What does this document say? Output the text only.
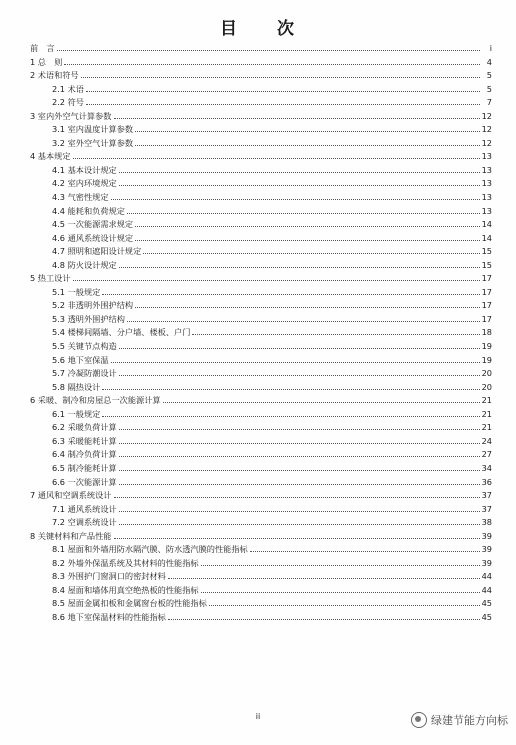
目　　次
前　言	i
1 总　则	4
2 术语和符号	5
2.1 术语	5
2.2 符号	7
3 室内外空气计算参数	12
3.1 室内温度计算参数	12
3.2 室外空气计算参数	12
4 基本规定	13
4.1 基本设计规定	13
4.2 室内环境规定	13
4.3 气密性规定	13
4.4 能耗和负荷规定	13
4.5 一次能源需求规定	14
4.6 通风系统设计规定	14
4.7 照明和遮阳设计规定	15
4.8 防火设计规定	15
5 热工设计	17
5.1 一般规定	17
5.2 非透明外围护结构	17
5.3 透明外围护结构	17
5.4 楼梯间隔墙、分户墙、楼板、户门	18
5.5 关键节点构造	19
5.6 地下室保温	19
5.7 冷凝防潮设计	20
5.8 隔热设计	20
6 采暖、制冷和房屋总一次能源计算	21
6.1 一般规定	21
6.2 采暖负荷计算	21
6.3 采暖能耗计算	24
6.4 制冷负荷计算	27
6.5 制冷能耗计算	34
6.6 一次能源计算	36
7 通风和空调系统设计	37
7.1 通风系统设计	37
7.2 空调系统设计	38
8 关键材料和产品性能	39
8.1 屋面和外墙用防水隔汽膜、防水透汽膜的性能指标	39
8.2 外墙外保温系统及其材料的性能指标	39
8.3 外围护门窗洞口的密封材料	44
8.4 屋面和墙体用真空绝热板的性能指标	44
8.5 屋面金属扣板和金属窗台板的性能指标	45
8.6 地下室保温材料的性能指标	45
ii	绿建节能方向标
